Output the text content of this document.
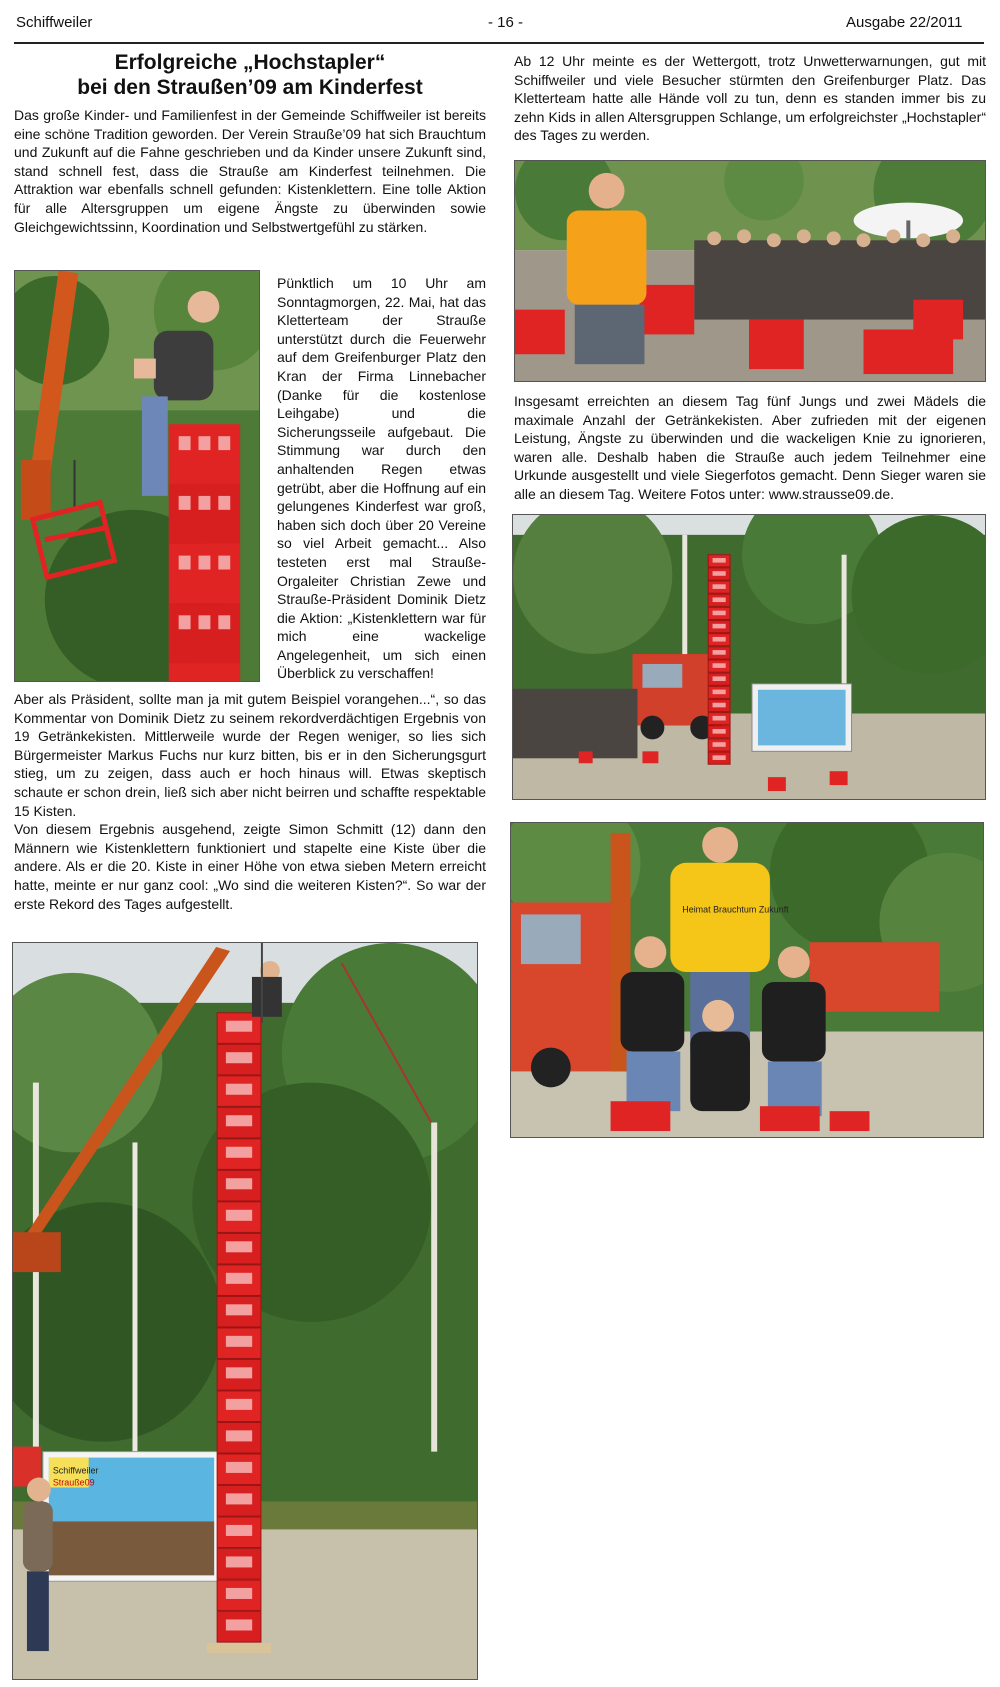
Schiffweiler	- 16 -	Ausgabe 22/2011
Erfolgreiche „Hochstapler“
bei den Straußen’09 am Kinderfest

Das große Kinder- und Familienfest in der Gemeinde Schiffweiler ist bereits eine schöne Tradition geworden. Der Verein Strauße’09 hat sich Brauchtum und Zukunft auf die Fahne geschrieben und da Kinder unsere Zukunft sind, stand schnell fest, dass die Strauße am Kinderfest teilnehmen. Die Attraktion war ebenfalls schnell gefunden: Kistenklettern. Eine tolle Aktion für alle Altersgruppen um eigene Ängste zu überwinden sowie Gleichgewichtssinn, Koordination und Selbstwertgefühl zu stärken.

Pünktlich um 10 Uhr am Sonntagmorgen, 22. Mai, hat das Kletterteam der Strauße unterstützt durch die Feuerwehr auf dem Greifenburger Platz den Kran der Firma Linnebacher (Danke für die kostenlose Leihgabe) und die Sicherungsseile aufgebaut. Die Stimmung war durch den anhaltenden Regen etwas getrübt, aber die Hoffnung auf ein gelungenes Kinderfest war groß, haben sich doch über 20 Vereine so viel Arbeit gemacht... Also testeten erst mal Strauße-Orgaleiter Christian Zewe und Strauße-Präsident Dominik Dietz die Aktion: „Kistenklettern war für mich eine wackelige Angelegenheit, um sich einen Überblick zu verschaffen!

Aber als Präsident, sollte man ja mit gutem Beispiel vorangehen...“, so das Kommentar von Dominik Dietz zu seinem rekordverdächtigen Ergebnis von 19 Getränkekisten. Mittlerweile wurde der Regen weniger, so lies sich Bürgermeister Markus Fuchs nur kurz bitten, bis er in den Sicherungsgurt stieg, um zu zeigen, dass auch er hoch hinaus will. Etwas skeptisch schaute er schon drein, ließ sich aber nicht beirren und schaffte respektable 15 Kisten.

Von diesem Ergebnis ausgehend, zeigte Simon Schmitt (12) dann den Männern wie Kistenklettern funktioniert und stapelte eine Kiste über die andere. Als er die 20. Kiste in einer Höhe von etwa sieben Metern erreicht hatte, meinte er nur ganz cool: „Wo sind die weiteren Kisten?“. So war der erste Rekord des Tages aufgestellt.

Schiffweiler
Strauße09

Ab 12 Uhr meinte es der Wettergott, trotz Unwetterwarnungen, gut mit Schiffweiler und viele Besucher stürmten den Greifenburger Platz. Das Kletterteam hatte alle Hände voll zu tun, denn es standen immer bis zu zehn Kids in allen Altersgruppen Schlange, um erfolgreichster „Hochstapler“ des Tages zu werden.

Insgesamt erreichten an diesem Tag fünf Jungs und zwei Mädels die maximale Anzahl der Getränkekisten. Aber zufrieden mit der eigenen Leistung, Ängste zu überwinden und die wackeligen Knie zu ignorieren, waren alle. Deshalb haben die Strauße auch jedem Teilnehmer eine Urkunde ausgestellt und viele Siegerfotos gemacht. Denn Sieger waren sie alle an diesem Tag. Weitere Fotos unter: www.strausse09.de.

Heimat Brauchtum Zukunft
